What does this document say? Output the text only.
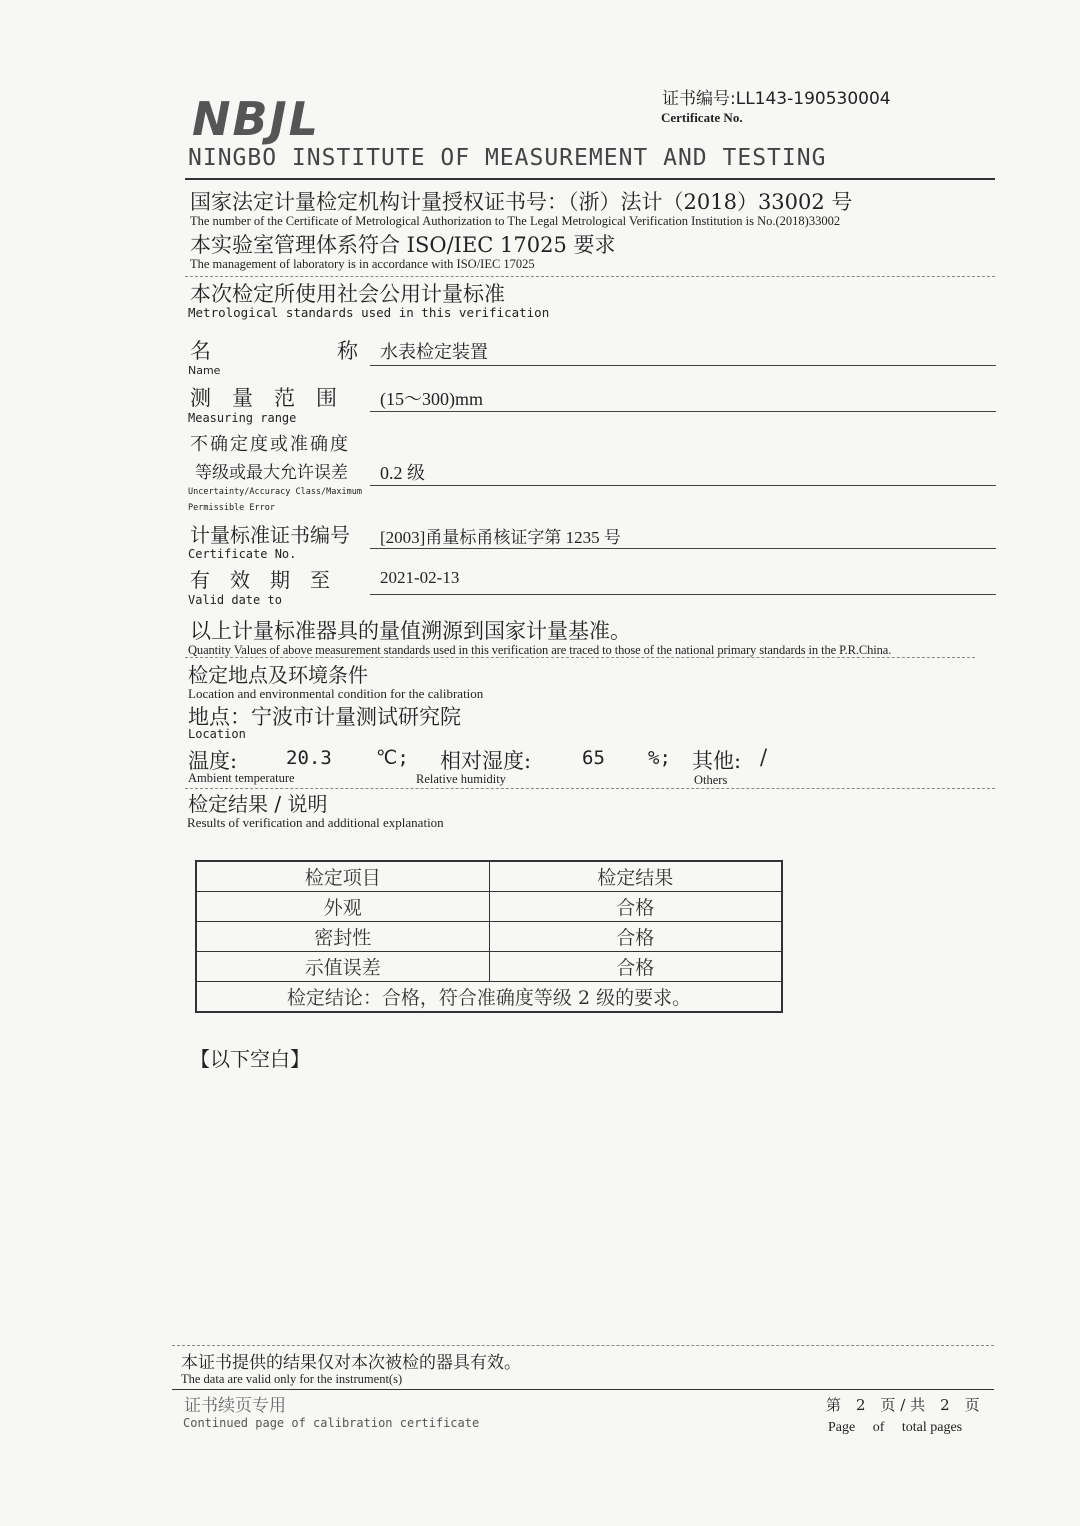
NBJL	证书编号:LL143-190530004
Certificate No.
NINGBO INSTITUTE OF MEASUREMENT AND TESTING
国家法定计量检定机构计量授权证书号：（浙）法计（2018）33002 号
The number of the Certificate of Metrological Authorization to The Legal Metrological Verification Institution is No.(2018)33002
本实验室管理体系符合 ISO/IEC 17025 要求
The management of laboratory is in accordance with ISO/IEC 17025
本次检定所使用社会公用计量标准
Metrological standards used in this verification
名　　　　　　称
Name
水表检定装置
测　量　范　围
Measuring range
(15～300)mm
不确定度或准确度
等级或最大允许误差
Uncertainty/Accuracy Class/Maximum
Permissible Error
0.2 级
计量标准证书编号
Certificate No.
[2003]甬量标甬核证字第 1235 号
有　效　期　至
Valid date to
2021-02-13
以上计量标准器具的量值溯源到国家计量基准。
Quantity Values of above measurement standards used in this verification are traced to those of the national primary standards in the P.R.China.
检定地点及环境条件
Location and environmental condition for the calibration
地点：宁波市计量测试研究院
Location
温度:	20.3 ℃;
Ambient temperature
相对湿度:	65 %;
Relative humidity
其他: /
Others
检定结果 / 说明
Results of verification and additional explanation
检定项目	检定结果
外观	合格
密封性	合格
示值误差	合格
检定结论：合格，符合准确度等级 2 级的要求。	
【以下空白】
本证书提供的结果仅对本次被检的器具有效。
The data are valid only for the instrument(s)
证书续页专用
Continued page of calibration certificate
第　2　页 / 共　2　页
Page　 of　 total pages
